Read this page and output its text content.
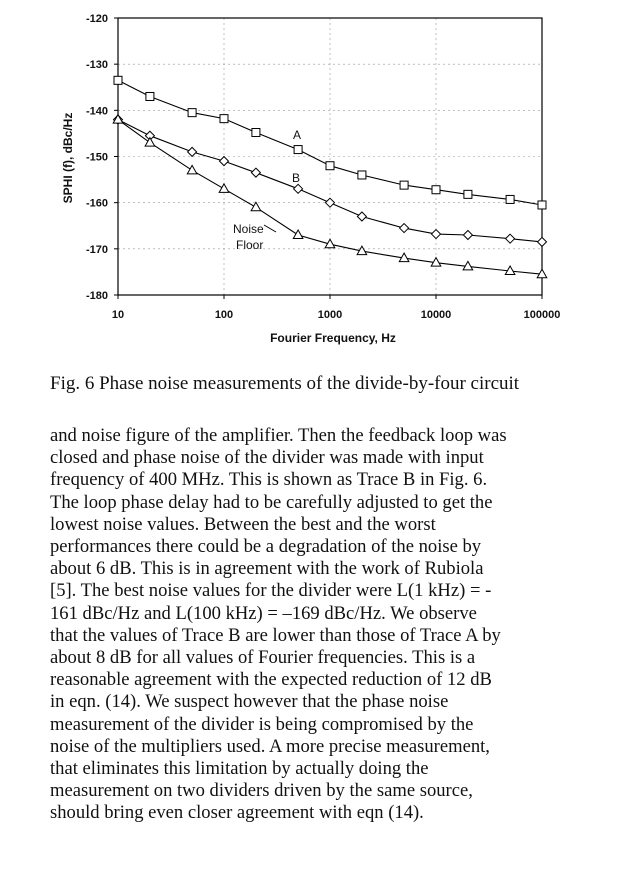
-120
-130
-140
-150
-160
-170
-180
10	100	1000	10000	100000
SPHI (f), dBc/Hz
Fourier Frequency, Hz
A
B
Noise
Floor
Fig. 6 Phase noise measurements of the divide-by-four circuit
and noise figure of the amplifier. Then the feedback loop was
closed and phase noise of the divider was made with input
frequency of 400 MHz. This is shown as Trace B in Fig. 6.
The loop phase delay had to be carefully adjusted to get the
lowest noise values. Between the best and the worst
performances there could be a degradation of the noise by
about 6 dB. This is in agreement with the work of Rubiola
[5]. The best noise values for the divider were L(1 kHz) = -
161 dBc/Hz and L(100 kHz) = –169 dBc/Hz. We observe
that the values of Trace B are lower than those of Trace A by
about 8 dB for all values of Fourier frequencies. This is a
reasonable agreement with the expected reduction of 12 dB
in eqn. (14). We suspect however that the phase noise
measurement of the divider is being compromised by the
noise of the multipliers used. A more precise measurement,
that eliminates this limitation by actually doing the
measurement on two dividers driven by the same source,
should bring even closer agreement with eqn (14).
